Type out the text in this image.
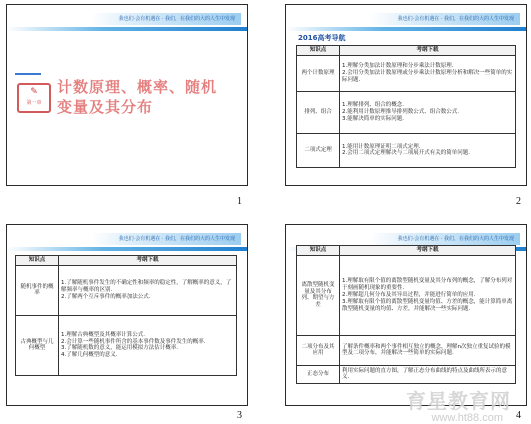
我也们·会有机遇在 · 我们，在我们的大的人生中发现
✎
第一章
计数原理、概率、随机变量及其分布
1
我也们·会有机遇在 · 我们，在我们的大的人生中发现
2016高考导航
知识点	考纲下载
两个计数原理	1.理解分类加法计数原理和分步乘法计数原理.
2.会用分类加法计数原理或分步乘法计数原理分析和解决一些简单的实际问题.
排列、组合	1.理解排列、组合的概念.
2.能利用计数原理推导排列数公式、组合数公式.
3.能解决简单的实际问题.
二项式定理	1.能用计数原理证明二项式定理.
2.会用二项式定理解决与二项展开式有关的简单问题.
2
我也们·会有机遇在 · 我们，在我们的大的人生中发现
知识点	考纲下载
随机事件的概率	1.了解随机事件发生的不确定性和频率的稳定性，了解概率的意义，了解频率与概率的区别.
2.了解两个互斥事件的概率加法公式.
古典概型与几何概型	1.理解古典概型及其概率计算公式.
2.会计算一些随机事件所含的基本事件数及事件发生的概率.
3.了解随机数的意义，能运用模拟方法估计概率.
4.了解几何概型的意义.
3
我也们·会有机遇在 · 我们，在我们的大的人生中发现
知识点	考纲下载
离散型随机变量及其分布列、期望与方差	1.理解取有限个值的离散型随机变量及其分布列的概念，了解分布列对于刻画随机现象的重要性.
2.理解超几何分布及其导出过程，并能进行简单的应用.
3.理解取有限个值的离散型随机变量均值、方差的概念，能计算简单离散型随机变量的均值、方差，并能解决一些实际问题.
二项分布及其应用	了解条件概率和两个事件相互独立的概念，理解n次独立重复试验的模型及二项分布，并能解决一些简单的实际问题.
正态分布	利用实际问题的直方图，了解正态分布曲线的特点及曲线所表示的意义.
4
育星教育网
www.ht88.com
